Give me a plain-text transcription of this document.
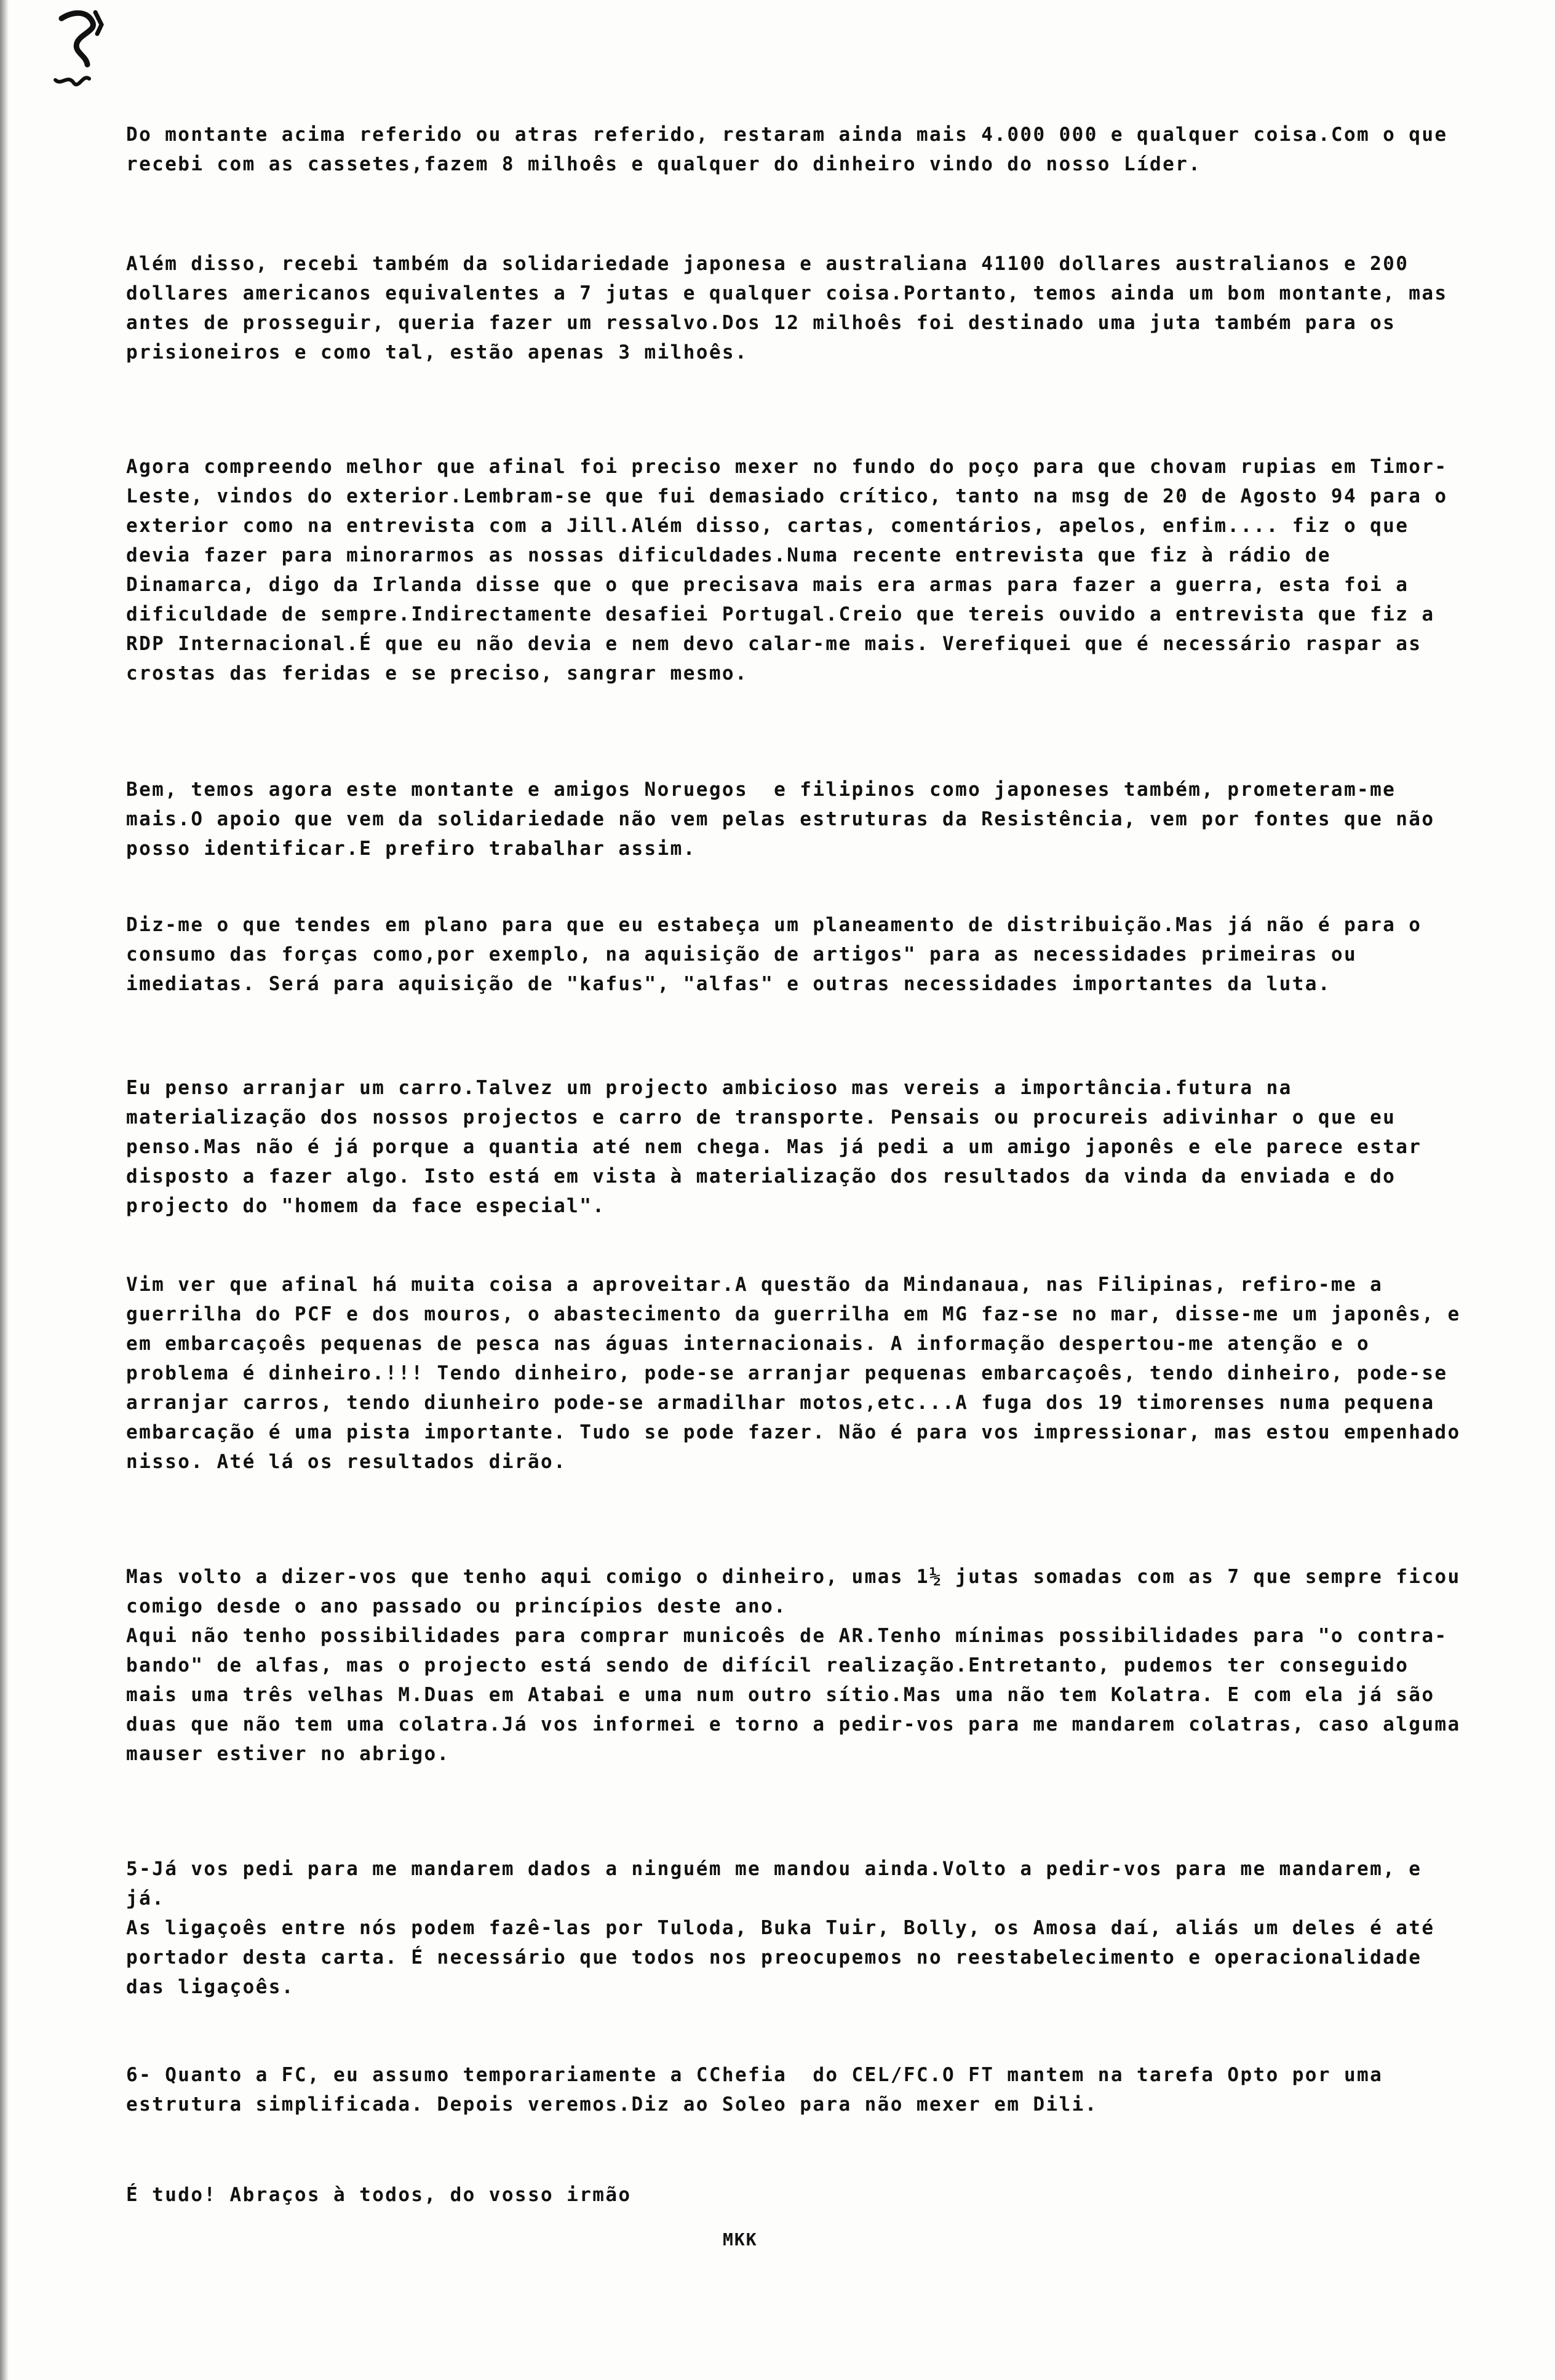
Do montante acima referido ou atras referido, restaram ainda mais 4.000 000 e qualquer coisa.Com o que recebi com as cassetes,fazem 8 milhoês e qualquer do dinheiro vindo do nosso Líder.
Além disso, recebi também da solidariedade japonesa e australiana 41100 dollares australianos e 200 dollares americanos equivalentes a 7 jutas e qualquer coisa.Portanto, temos ainda um bom montante, mas antes de prosseguir, queria fazer um ressalvo.Dos 12 milhoês foi destinado uma juta também para os prisioneiros e como tal, estão apenas 3 milhoês.
Agora compreendo melhor que afinal foi preciso mexer no fundo do poço para que chovam rupias em Timor-Leste, vindos do exterior.Lembram-se que fui demasiado crítico, tanto na msg de 20 de Agosto 94 para o exterior como na entrevista com a Jill.Além disso, cartas, comentários, apelos, enfim.... fiz o que devia fazer para minorarmos as nossas dificuldades.Numa recente entrevista que fiz à rádio de Dinamarca, digo da Irlanda disse que o que precisava mais era armas para fazer a guerra, esta foi a dificuldade de sempre.Indirectamente desafiei Portugal.Creio que tereis ouvido a entrevista que fiz a RDP Internacional.É que eu não devia e nem devo calar-me mais. Verefiquei que é necessário raspar as crostas das feridas e se preciso, sangrar mesmo.
Bem, temos agora este montante e amigos Noruegos  e filipinos como japoneses também, prometeram-me mais.O apoio que vem da solidariedade não vem pelas estruturas da Resistência, vem por fontes que não posso identificar.E prefiro trabalhar assim.
Diz-me o que tendes em plano para que eu estabeça um planeamento de distribuição.Mas já não é para o consumo das forças como,por exemplo, na aquisição de artigos" para as necessidades primeiras ou imediatas. Será para aquisição de "kafus", "alfas" e outras necessidades importantes da luta.
Eu penso arranjar um carro.Talvez um projecto ambicioso mas vereis a importância.futura na materialização dos nossos projectos e carro de transporte. Pensais ou procureis adivinhar o que eu penso.Mas não é já porque a quantia até nem chega. Mas já pedi a um amigo japonês e ele parece estar disposto a fazer algo. Isto está em vista à materialização dos resultados da vinda da enviada e do projecto do "homem da face especial".
Vim ver que afinal há muita coisa a aproveitar.A questão da Mindanaua, nas Filipinas, refiro-me a guerrilha do PCF e dos mouros, o abastecimento da guerrilha em MG faz-se no mar, disse-me um japonês, e em embarcaçoês pequenas de pesca nas águas internacionais. A informação despertou-me atenção e o problema é dinheiro.!!! Tendo dinheiro, pode-se arranjar pequenas embarcaçoês, tendo dinheiro, pode-se arranjar carros, tendo diunheiro pode-se armadilhar motos,etc...A fuga dos 19 timorenses numa pequena embarcação é uma pista importante. Tudo se pode fazer. Não é para vos impressionar, mas estou empenhado nisso. Até lá os resultados dirão.
Mas volto a dizer-vos que tenho aqui comigo o dinheiro, umas 1½ jutas somadas com as 7 que sempre ficou comigo desde o ano passado ou princípios deste ano.
Aqui não tenho possibilidades para comprar municoês de AR.Tenho mínimas possibilidades para "o contra-bando" de alfas, mas o projecto está sendo de difícil realização.Entretanto, pudemos ter conseguido mais uma três velhas M.Duas em Atabai e uma num outro sítio.Mas uma não tem Kolatra. E com ela já são duas que não tem uma colatra.Já vos informei e torno a pedir-vos para me mandarem colatras, caso alguma mauser estiver no abrigo.
5-Já vos pedi para me mandarem dados a ninguém me mandou ainda.Volto a pedir-vos para me mandarem, e já.
As ligaçoês entre nós podem fazê-las por Tuloda, Buka Tuir, Bolly, os Amosa daí, aliás um deles é até portador desta carta. É necessário que todos nos preocupemos no reestabelecimento e operacionalidade das ligaçoês.
6- Quanto a FC, eu assumo temporariamente a CChefia  do CEL/FC.O FT mantem na tarefa Opto por uma estrutura simplificada. Depois veremos.Diz ao Soleo para não mexer em Dili.
É tudo! Abraços à todos, do vosso irmão
MKK
